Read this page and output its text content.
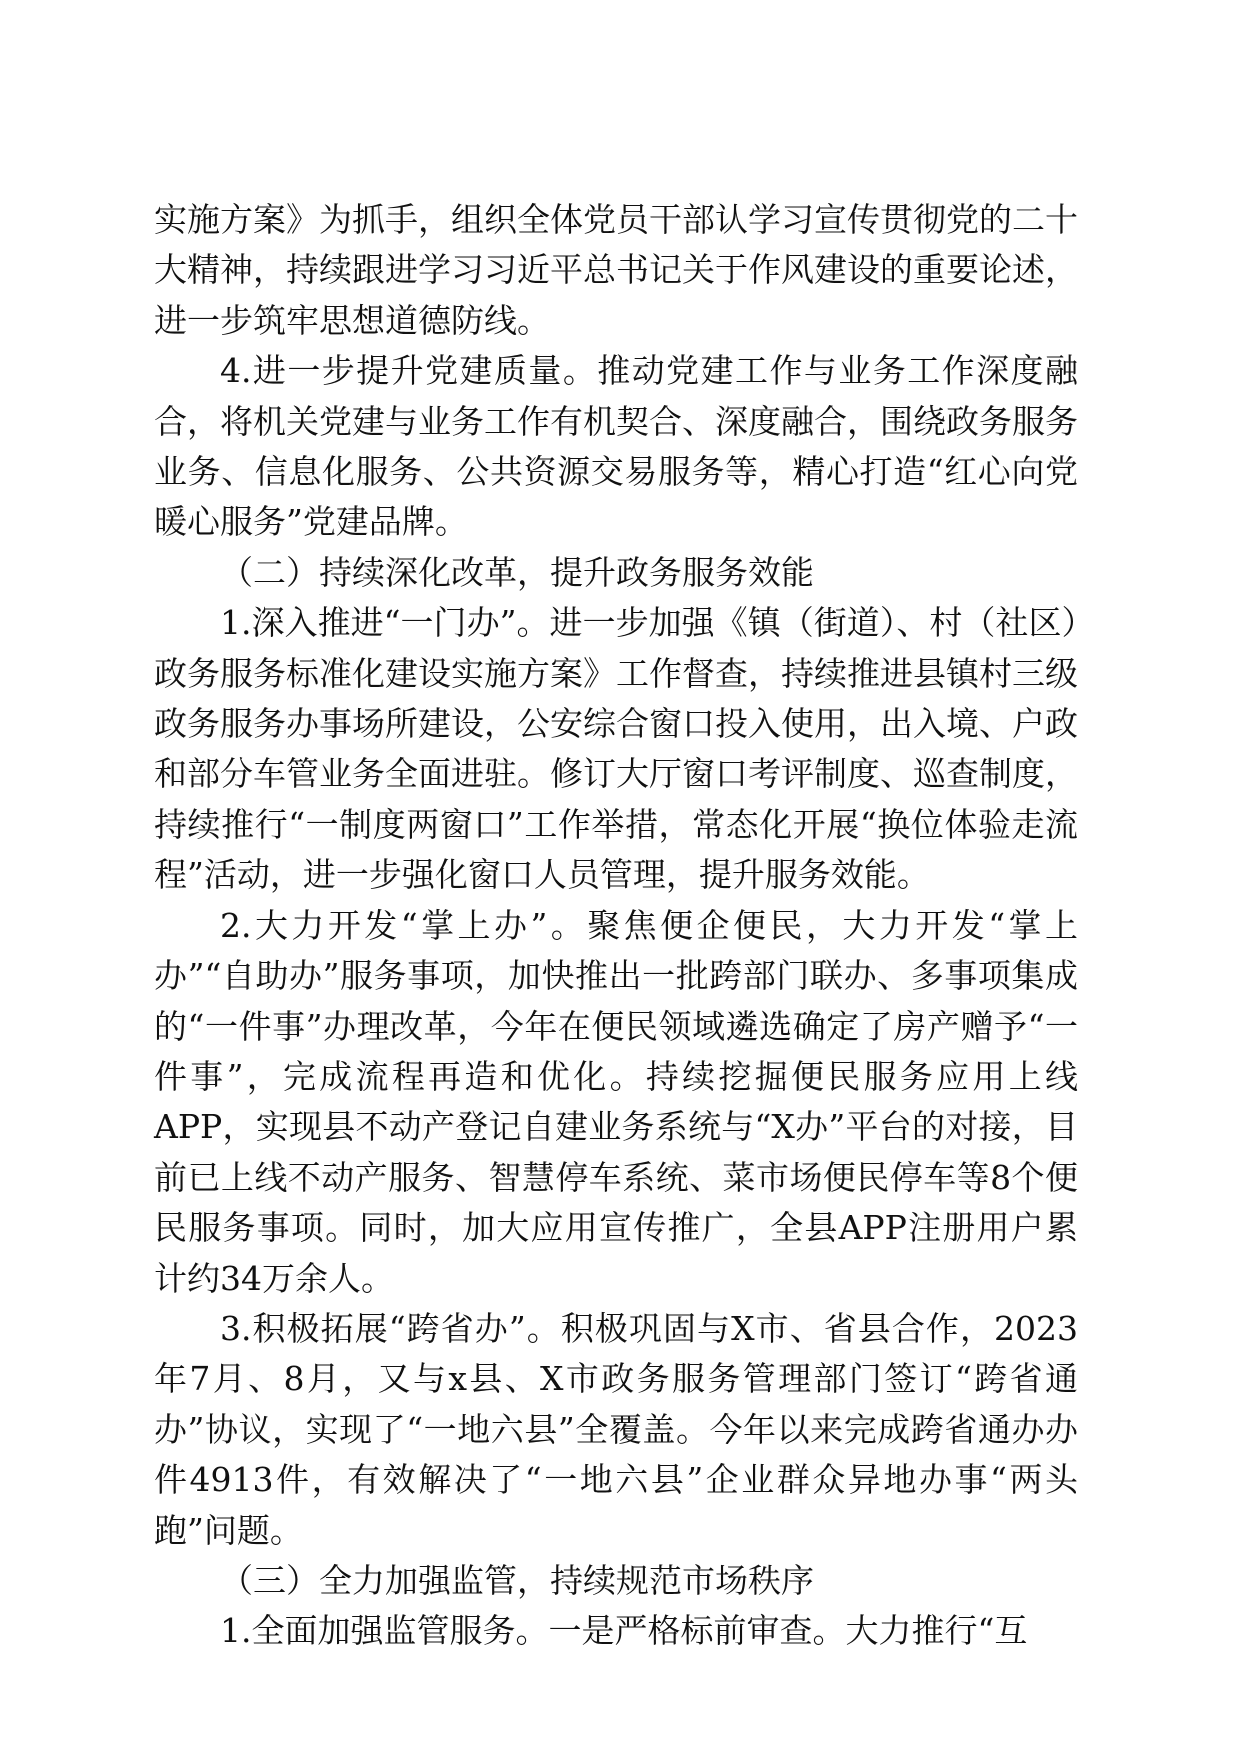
实施方案》为抓手，组织全体党员干部认学习宣传贯彻党的二十大精神，持续跟进学习习近平总书记关于作风建设的重要论述，进一步筑牢思想道德防线。

4.进一步提升党建质量。推动党建工作与业务工作深度融合，将机关党建与业务工作有机契合、深度融合，围绕政务服务业务、信息化服务、公共资源交易服务等，精心打造“红心向党暖心服务”党建品牌。

（二）持续深化改革，提升政务服务效能

1.深入推进“一门办”。进一步加强《镇（街道）、村（社区）政务服务标准化建设实施方案》工作督查，持续推进县镇村三级政务服务办事场所建设，公安综合窗口投入使用，出入境、户政和部分车管业务全面进驻。修订大厅窗口考评制度、巡查制度，持续推行“一制度两窗口”工作举措，常态化开展“换位体验走流程”活动，进一步强化窗口人员管理，提升服务效能。

2.大力开发“掌上办”。聚焦便企便民，大力开发“掌上办”“自助办”服务事项，加快推出一批跨部门联办、多事项集成的“一件事”办理改革，今年在便民领域遴选确定了房产赠予“一件事”，完成流程再造和优化。持续挖掘便民服务应用上线APP，实现县不动产登记自建业务系统与“X办”平台的对接，目前已上线不动产服务、智慧停车系统、菜市场便民停车等8个便民服务事项。同时，加大应用宣传推广，全县APP注册用户累计约34万余人。

3.积极拓展“跨省办”。积极巩固与X市、省县合作，2023年7月、8月，又与x县、X市政务服务管理部门签订“跨省通办”协议，实现了“一地六县”全覆盖。今年以来完成跨省通办办件4913件，有效解决了“一地六县”企业群众异地办事“两头跑”问题。

（三）全力加强监管，持续规范市场秩序

1.全面加强监管服务。一是严格标前审查。大力推行“互
